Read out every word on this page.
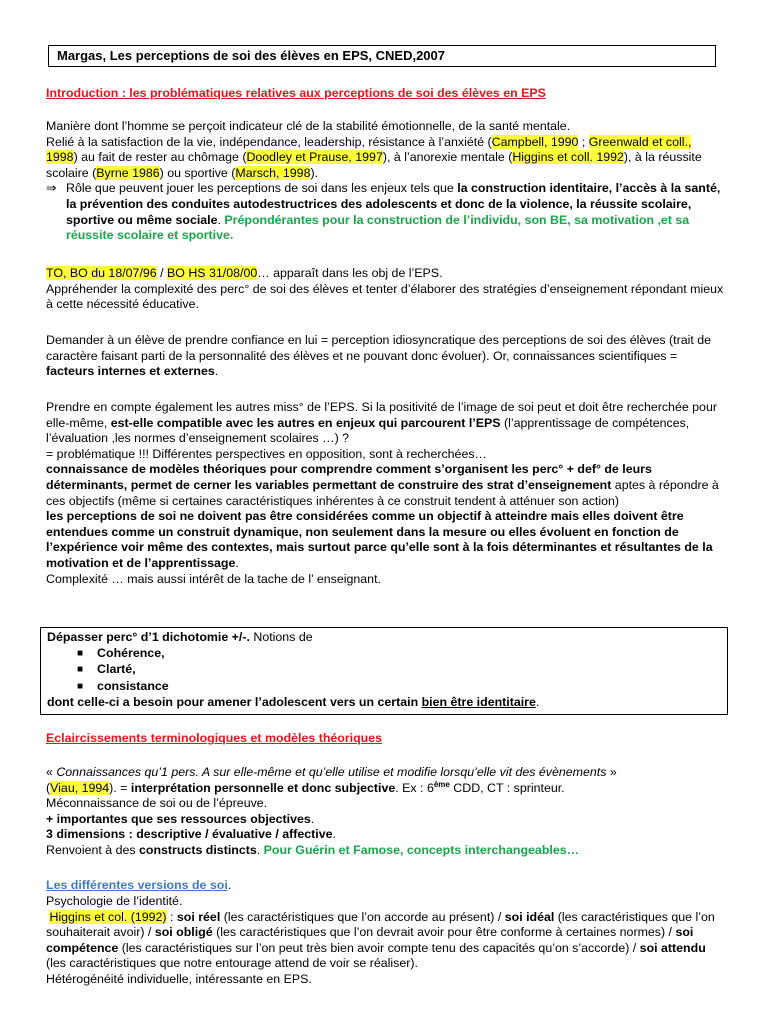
Margas, Les perceptions de soi des élèves en EPS, CNED,2007
Introduction : les problématiques relatives aux perceptions de soi des élèves en EPS
Manière dont l’homme se perçoit indicateur clé de la stabilité émotionnelle, de la santé mentale.
Relié à la satisfaction de la vie, indépendance, leadership, résistance à l’anxiété (Campbell, 1990 ; Greenwald et coll., 1998) au fait de rester au chômage (Doodley et Prause, 1997), à l’anorexie mentale (Higgins et coll. 1992), à la réussite scolaire (Byrne 1986) ou sportive (Marsch, 1998).
⇒ Rôle que peuvent jouer les perceptions de soi dans les enjeux tels que la construction identitaire, l’accès à la santé, la prévention des conduites autodestructrices des adolescents et donc de la violence, la réussite scolaire, sportive ou même sociale. Prépondérantes pour la construction de l’individu, son BE, sa motivation ,et sa réussite scolaire et sportive.
TO, BO du 18/07/96 / BO HS 31/08/00… apparaît dans les obj de l’EPS.
Appréhender la complexité des perc° de soi des élèves et tenter d’élaborer des stratégies d’enseignement répondant mieux à cette nécessité éducative.
Demander à un élève de prendre confiance en lui = perception idiosyncratique des perceptions de soi des élèves (trait de caractère faisant parti de la personnalité des élèves et ne pouvant donc évoluer). Or, connaissances scientifiques = facteurs internes et externes.
Prendre en compte également les autres miss° de l’EPS. Si la positivité de l’image de soi peut et doit être recherchée pour elle-même, est-elle compatible avec les autres en enjeux qui parcourent l’EPS (l’apprentissage de compétences, l’évaluation ,les normes d’enseignement scolaires …) ?
= problématique !!! Différentes perspectives en opposition, sont à recherchées…
connaissance de modèles théoriques pour comprendre comment s’organisent les perc° + def° de leurs déterminants, permet de cerner les variables permettant de construire des strat d’enseignement aptes à répondre à ces objectifs (même si certaines caractéristiques inhérentes à ce construit tendent à atténuer son action)
les perceptions de soi ne doivent pas être considérées comme un objectif à atteindre mais elles doivent être entendues comme un construit dynamique, non seulement dans la mesure ou elles évoluent en fonction de l’expérience voir même des contextes, mais surtout parce qu’elle sont à la fois déterminantes et résultantes de la motivation et de l’apprentissage.
Complexité … mais aussi intérêt de la tache de l’ enseignant.
Dépasser perc° d’1 dichotomie +/-. Notions de
■ Cohérence,
■ Clarté,
■ consistance
dont celle-ci a besoin pour amener l’adolescent vers un certain bien être identitaire.
Eclaircissements terminologiques et modèles théoriques
« Connaissances qu’1 pers. A sur elle-même et qu’elle utilise et modifie lorsqu’elle vit des évènements »
(Viau, 1994). = interprétation personnelle et donc subjective. Ex : 6ème CDD, CT : sprinteur.
Méconnaissance de soi ou de l’épreuve.
+ importantes que ses ressources objectives.
3 dimensions : descriptive / évaluative / affective.
Renvoient à des constructs distincts. Pour Guérin et Famose, concepts interchangeables…
Les différentes versions de soi.
Psychologie de l’identité.
Higgins et col. (1992) : soi réel (les caractéristiques que l’on accorde au présent) / soi idéal (les caractéristiques que l’on souhaiterait avoir) / soi obligé (les caractéristiques que l’on devrait avoir pour être conforme à certaines normes) / soi compétence (les caractéristiques sur l’on peut très bien avoir compte tenu des capacités qu’on s’accorde) / soi attendu (les caractéristiques que notre entourage attend de voir se réaliser).
Hétérogénéité individuelle, intéressante en EPS.
